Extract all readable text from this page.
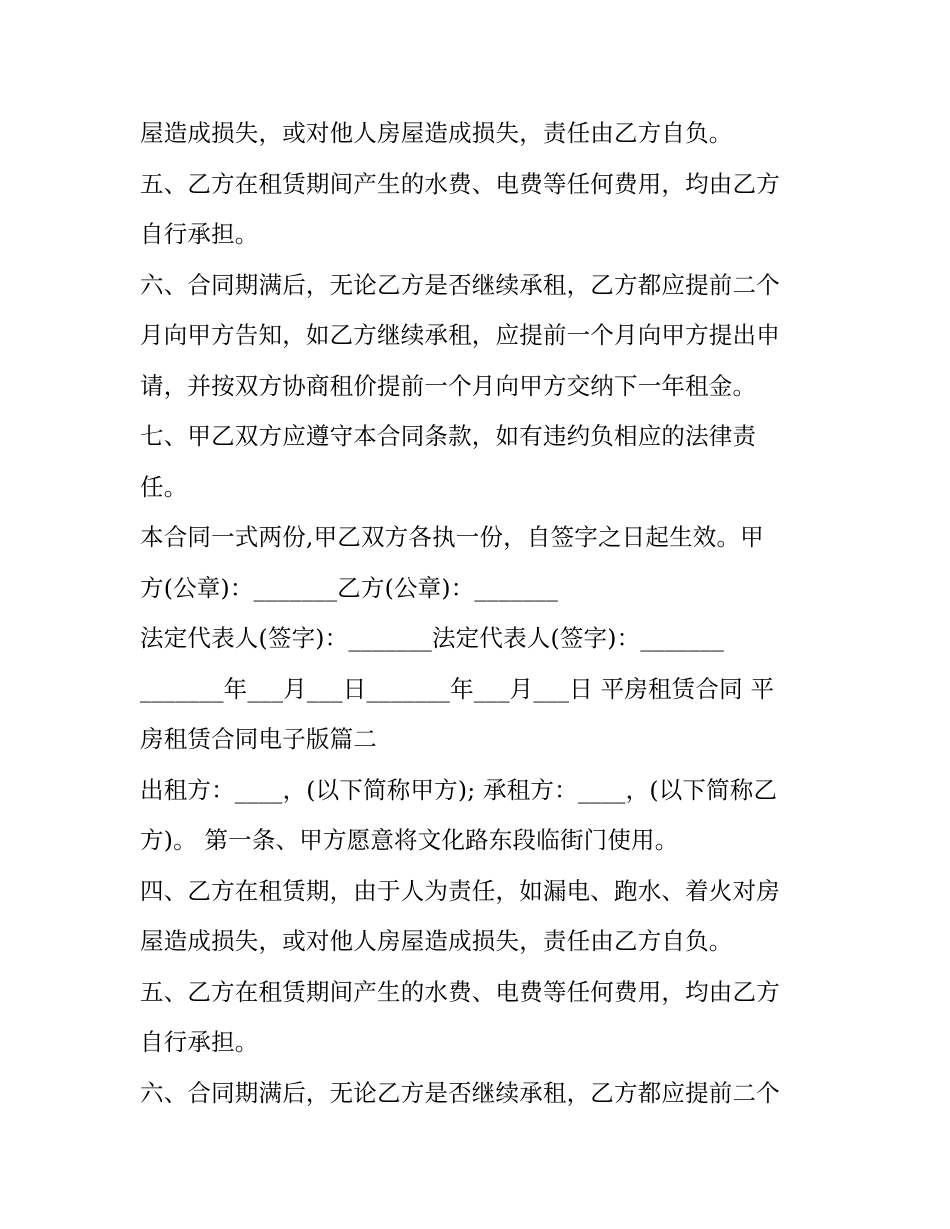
屋造成损失，或对他人房屋造成损失，责任由乙方自负。
五、乙方在租赁期间产生的水费、电费等任何费用，均由乙方
自行承担。
六、合同期满后，无论乙方是否继续承租，乙方都应提前二个
月向甲方告知，如乙方继续承租，应提前一个月向甲方提出申
请，并按双方协商租价提前一个月向甲方交纳下一年租金。
七、甲乙双方应遵守本合同条款，如有违约负相应的法律责
任。
本合同一式两份,甲乙双方各执一份，自签字之日起生效。甲
方(公章)：_______乙方(公章)：_______
法定代表人(签字)：_______法定代表人(签字)：_______
_______年___月___日_______年___月___日 平房租赁合同 平
房租赁合同电子版篇二
出租方：____，(以下简称甲方); 承租方：____，(以下简称乙
方)。 第一条、甲方愿意将文化路东段临街门使用。
四、乙方在租赁期，由于人为责任，如漏电、跑水、着火对房
屋造成损失，或对他人房屋造成损失，责任由乙方自负。
五、乙方在租赁期间产生的水费、电费等任何费用，均由乙方
自行承担。
六、合同期满后，无论乙方是否继续承租，乙方都应提前二个
